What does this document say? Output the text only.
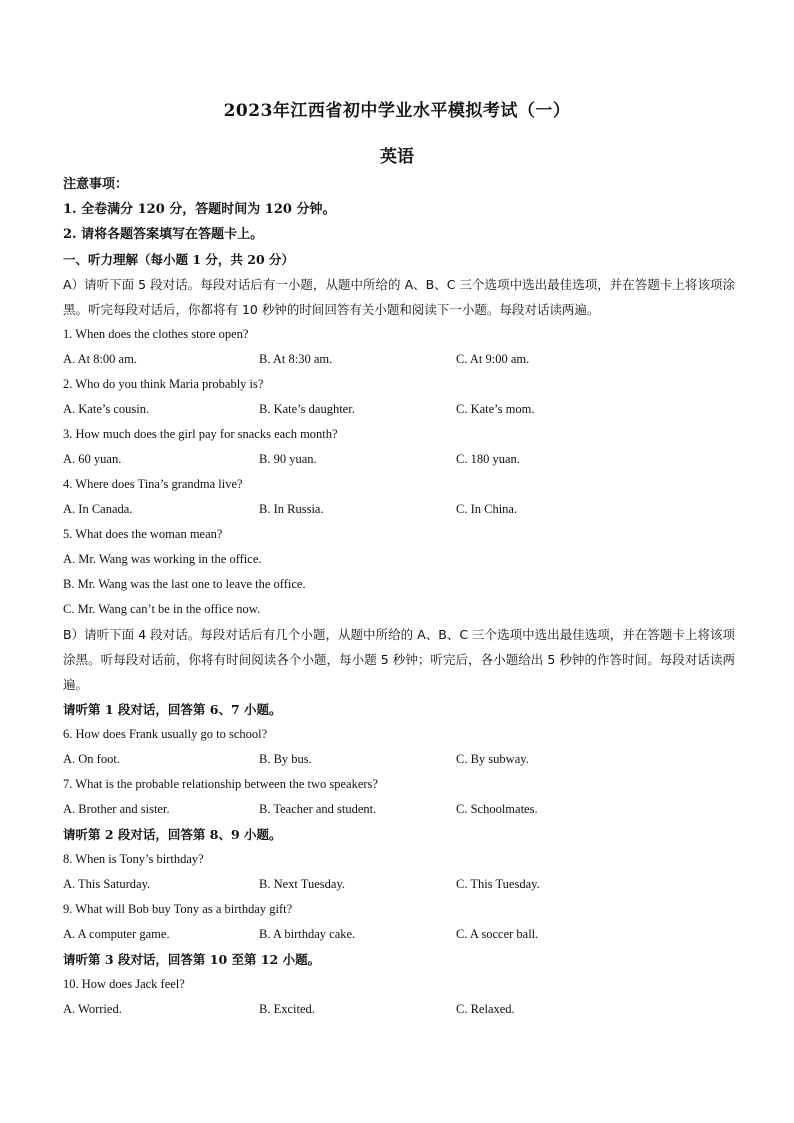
2023年江西省初中学业水平模拟考试（一）
英语
注意事项：
1. 全卷满分 120 分，答题时间为 120 分钟。
2. 请将各题答案填写在答题卡上。
一、听力理解（每小题 1 分，共 20 分）
A）请听下面 5 段对话。每段对话后有一小题，从题中所给的 A、B、C 三个选项中选出最佳选项，并在答题卡上将该项涂黑。听完每段对话后，你都将有 10 秒钟的时间回答有关小题和阅读下一小题。每段对话读两遍。
1. When does the clothes store open?
A. At 8:00 am.	B. At 8:30 am.	C. At 9:00 am.
2. Who do you think Maria probably is?
A. Kate’s cousin.	B. Kate’s daughter.	C. Kate’s mom.
3. How much does the girl pay for snacks each month?
A. 60 yuan.	B. 90 yuan.	C. 180 yuan.
4. Where does Tina’s grandma live?
A. In Canada.	B. In Russia.	C. In China.
5. What does the woman mean?
A. Mr. Wang was working in the office.
B. Mr. Wang was the last one to leave the office.
C. Mr. Wang can’t be in the office now.
B）请听下面 4 段对话。每段对话后有几个小题，从题中所给的 A、B、C 三个选项中选出最佳选项，并在答题卡上将该项涂黑。听每段对话前，你将有时间阅读各个小题，每小题 5 秒钟；听完后，各小题给出 5 秒钟的作答时间。每段对话读两遍。
请听第 1 段对话，回答第 6、7 小题。
6. How does Frank usually go to school?
A. On foot.	B. By bus.	C. By subway.
7. What is the probable relationship between the two speakers?
A. Brother and sister.	B. Teacher and student.	C. Schoolmates.
请听第 2 段对话，回答第 8、9 小题。
8. When is Tony’s birthday?
A. This Saturday.	B. Next Tuesday.	C. This Tuesday.
9. What will Bob buy Tony as a birthday gift?
A. A computer game.	B. A birthday cake.	C. A soccer ball.
请听第 3 段对话，回答第 10 至第 12 小题。
10. How does Jack feel?
A. Worried.	B. Excited.	C. Relaxed.
